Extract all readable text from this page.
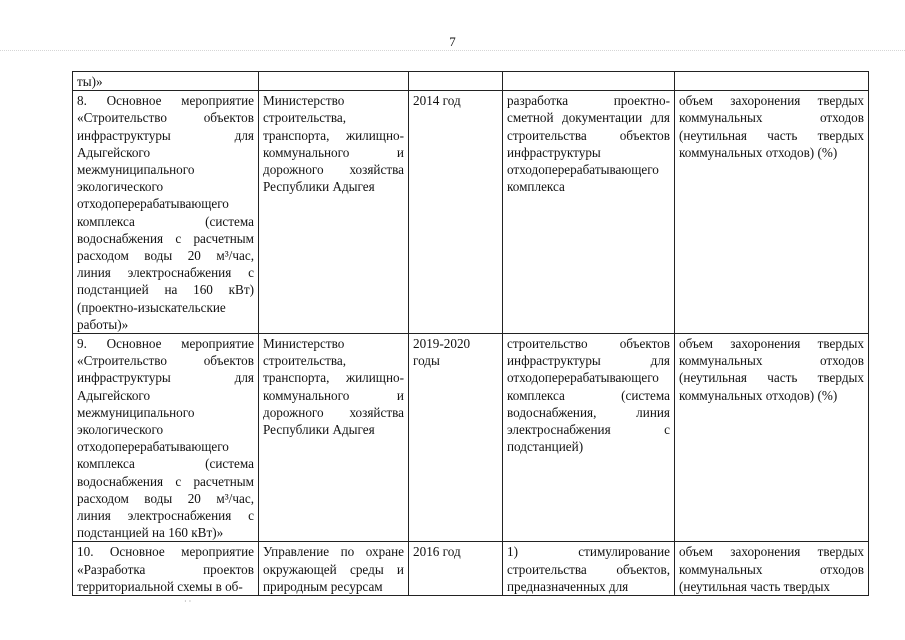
7
ты)»				
8. Основное мероприятие «Строительство объектов инфраструктуры для Адыгейского межмуниципального экологического отходоперерабатывающего комплекса (система водоснабжения с расчетным расходом воды 20 м³/час, линия электроснабжения с подстанцией на 160 кВт) (проектно-изыскательские работы)»	Министерство строительства, транспорта, жилищно-коммунального и дорожного хозяйства Республики Адыгея	2014 год	разработка проектно-сметной документации для строительства объектов инфраструктуры отходоперерабатывающего комплекса	объем захоронения твердых коммунальных отходов (неутильная часть твердых коммунальных отходов) (%)
9. Основное мероприятие «Строительство объектов инфраструктуры для Адыгейского межмуниципального экологического отходоперерабатывающего комплекса (система водоснабжения с расчетным расходом воды 20 м³/час, линия электроснабжения с подстанцией на 160 кВт)»	Министерство строительства, транспорта, жилищно-коммунального и дорожного хозяйства Республики Адыгея	2019-2020 годы	строительство объектов инфраструктуры для отходоперерабатывающего комплекса (система водоснабжения, линия электроснабжения с подстанцией)	объем захоронения твердых коммунальных отходов (неутильная часть твердых коммунальных отходов) (%)
10. Основное мероприятие «Разработка проектов территориальной схемы в об-	Управление по охране окружающей среды и природным ресурсам	2016 год	1) стимулирование строительства объектов, предназначенных для	объем захоронения твердых коммунальных отходов (неутильная часть твердых
· ·
